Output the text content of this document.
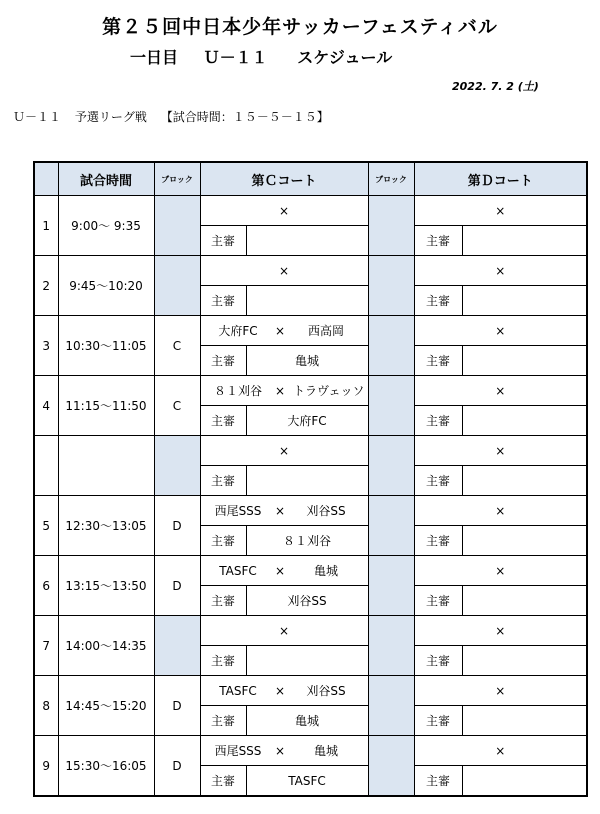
第２５回中日本少年サッカーフェスティバル
一日目 Ｕ－１１ スケジュール
2022. 7. 2 (土)
Ｕ－１１ 予選リーグ戦 【試合時間：１５－５－１５】
	試合時間	ブロック	第Ｃコート		ブロック	第Ｄコート	
1	9:00～ 9:35		×			×	
			主審			主審	
2	9:45～10:20		×			×	
			主審			主審	
3	10:30～11:05	C	大府FC × 西高岡			×	
			主審	亀城		主審	
4	11:15～11:50	C	８１刈谷 × トラヴェッソ			×	
			主審	大府FC		主審	
			×			×	
			主審			主審	
5	12:30～13:05	D	西尾SSS × 刈谷SS			×	
			主審	８１刈谷		主審	
6	13:15～13:50	D	TASFC × 亀城			×	
			主審	刈谷SS		主審	
7	14:00～14:35		×			×	
			主審			主審	
8	14:45～15:20	D	TASFC × 刈谷SS			×	
			主審	亀城		主審	
9	15:30～16:05	D	西尾SSS × 亀城			×	
			主審	TASFC		主審	
